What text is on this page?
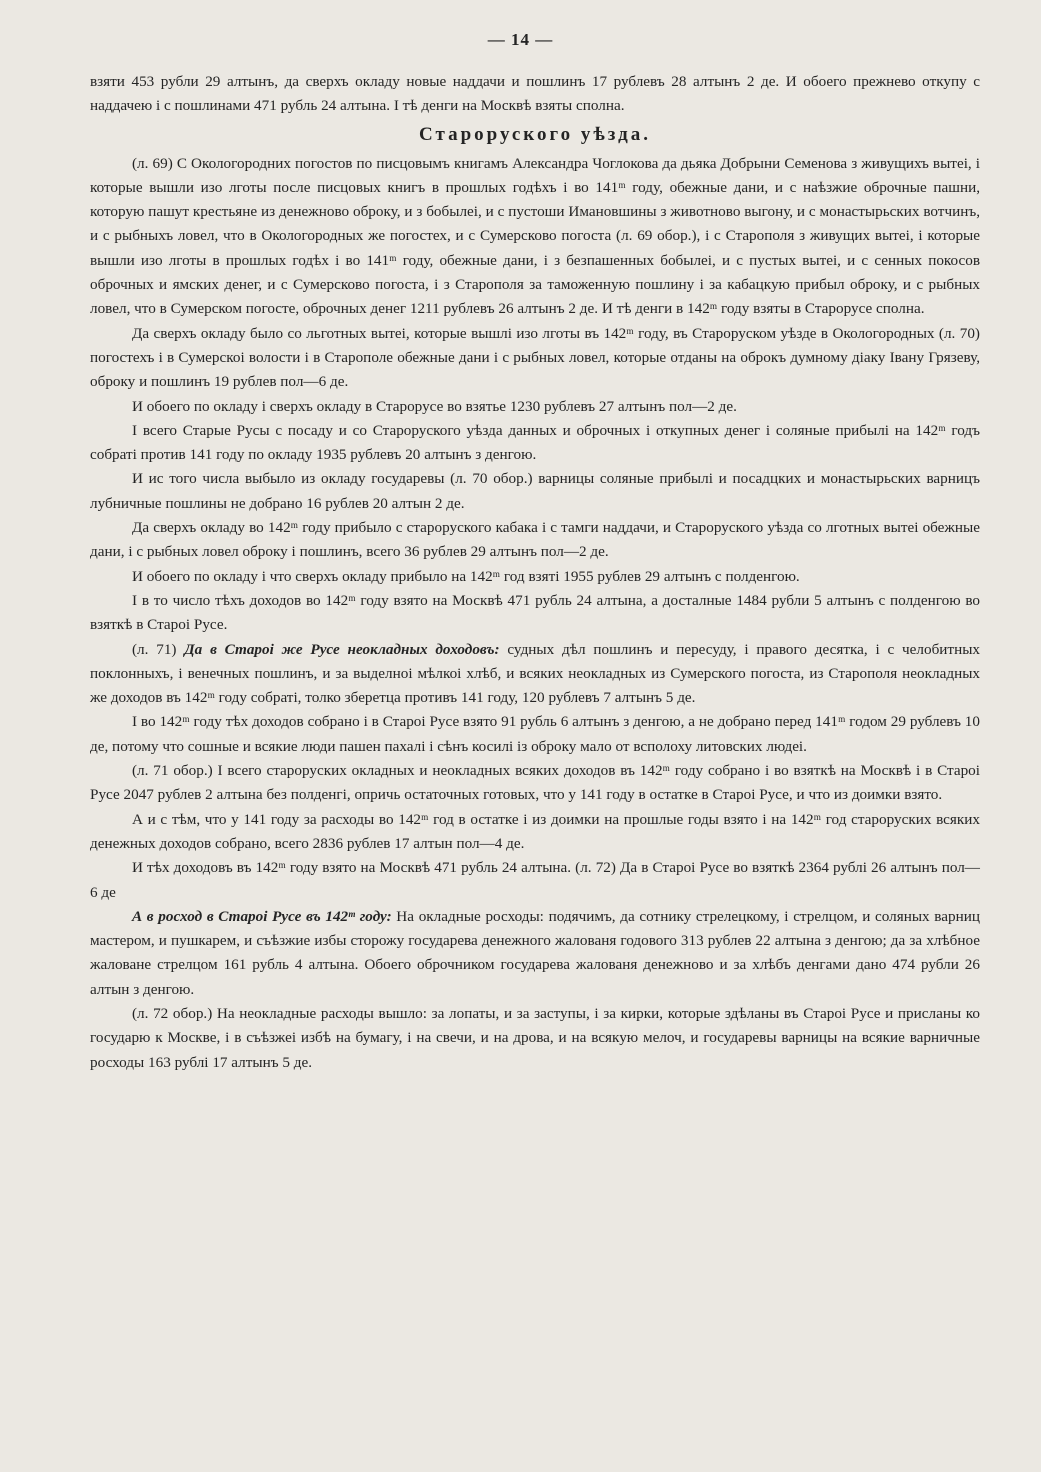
— 14 —

взяти 453 рубли 29 алтынъ, да сверхъ окладу новые наддачи и пошлинъ 17 рублевъ 28 алтынъ 2 де. И обоего прежнево откупу с наддачею і с пошлинами 471 рубль 24 алтына. І тѣ денги на Москвѣ взяты сполна.

Староруского уѣзда.

(л. 69) С Окологородних погостов по писцовымъ книгамъ Александра Чоглокова да дьяка Добрыни Семенова з живущихъ вытеі, і которые вышли изо лготы после писцовых книгъ в прошлых годѣхъ і во 141ᵐ году, обежные дани, и с наѣзжие оброчные пашни, которую пашут крестьяне из денежново оброку, и з бобылеі, и с пустоши Имановшины з животново выгону, и с монастырьских вотчинъ, и с рыбныхъ ловел, что в Окологородных же погостех, и с Сумерсково погоста (л. 69 обор.), і с Старополя з живущих вытеі, і которые вышли изо лготы в прошлых годѣх і во 141ᵐ году, обежные дани, і з безпашенных бобылеі, и с пустых вытеі, и с сенных покосов оброчных и ямских денег, и с Сумерсково погоста, і з Старополя за таможенную пошлину і за кабацкую прибыл оброку, и с рыбных ловел, что в Сумерском погосте, оброчных денег 1211 рублевъ 26 алтынъ 2 де. И тѣ денги в 142ᵐ году взяты в Старорусе сполна.

Да сверхъ окладу было со льготных вытеі, которые вышлі изо лготы въ 142ᵐ году, въ Староруском уѣзде в Окологородных (л. 70) погостехъ і в Сумерскоі волости і в Старополе обежные дани і с рыбных ловел, которые отданы на оброкъ думному діаку Івану Грязеву, оброку и пошлинъ 19 рублев пол—6 де.

И обоего по окладу і сверхъ окладу в Старорусе во взятье 1230 рублевъ 27 алтынъ пол—2 де.

І всего Старые Русы с посаду и со Староруского уѣзда данных и оброчных і откупных денег і соляные прибылі на 142ᵐ годъ собраті против 141 году по окладу 1935 рублевъ 20 алтынъ з денгою.

И ис того числа выбыло из окладу государевы (л. 70 обор.) варницы соляные прибылі и посадцких и монастырьских варницъ лубничные пошлины не добрано 16 рублев 20 алтын 2 де.

Да сверхъ окладу во 142ᵐ году прибыло с староруского кабака і с тамги наддачи, и Староруского уѣзда со лготных вытеі обежные дани, і с рыбных ловел оброку і пошлинъ, всего 36 рублев 29 алтынъ пол—2 де.

И обоего по окладу і что сверхъ окладу прибыло на 142ᵐ год взяті 1955 рублев 29 алтынъ с полденгою.

І в то число тѣхъ доходов во 142ᵐ году взято на Москвѣ 471 рубль 24 алтына, а досталные 1484 рубли 5 алтынъ с полденгою во взяткѣ в Староі Русе.

(л. 71) Да в Староі же Русе неокладных доходовъ: судных дѣл пошлинъ и пересуду, і правого десятка, і с челобитных поклонныхъ, і венечных пошлинъ, и за выделноі мѣлкоі хлѣб, и всяких неокладных из Сумерского погоста, из Старополя неокладных же доходов въ 142ᵐ году собраті, толко зберетца противъ 141 году, 120 рублевъ 7 алтынъ 5 де.

І во 142ᵐ году тѣх доходов собрано і в Староі Русе взято 91 рубль 6 алтынъ з денгою, а не добрано перед 141ᵐ годом 29 рублевъ 10 де, потому что сошные и всякие люди пашен пахалі і сѣнъ косилі із оброку мало от всполоху литовских людеі.

(л. 71 обор.) І всего староруских окладных и неокладных всяких доходов въ 142ᵐ году собрано і во взяткѣ на Москвѣ і в Староі Русе 2047 рублев 2 алтына без полденгі, опричь остаточных готовых, что у 141 году в остатке в Староі Русе, и что из доимки взято.

А и с тѣм, что у 141 году за расходы во 142ᵐ год в остатке і из доимки на прошлые годы взято і на 142ᵐ год староруских всяких денежных доходов собрано, всего 2836 рублев 17 алтын пол—4 де.

И тѣх доходовъ въ 142ᵐ году взято на Москвѣ 471 рубль 24 алтына. (л. 72) Да в Староі Русе во взяткѣ 2364 рублі 26 алтынъ пол—6 де

А в росход в Староі Русе въ 142ᵐ году: На окладные росходы: подячимъ, да сотнику стрелецкому, і стрелцом, и соляных варниц мастером, и пушкарем, и съѣзжие избы сторожу государева денежного жалованя годового 313 рублев 22 алтына з денгою; да за хлѣбное жаловане стрелцом 161 рубль 4 алтына. Обоего оброчником государева жалованя денежново и за хлѣбъ денгами дано 474 рубли 26 алтын з денгою.

(л. 72 обор.) На неокладные расходы вышло: за лопаты, и за заступы, і за кирки, которые здѣланы въ Староі Русе и присланы ко государю к Москве, і в съѣзжеі избѣ на бумагу, і на свечи, и на дрова, и на всякую мелоч, и государевы варницы на всякие варничные росходы 163 рублі 17 алтынъ 5 де.
